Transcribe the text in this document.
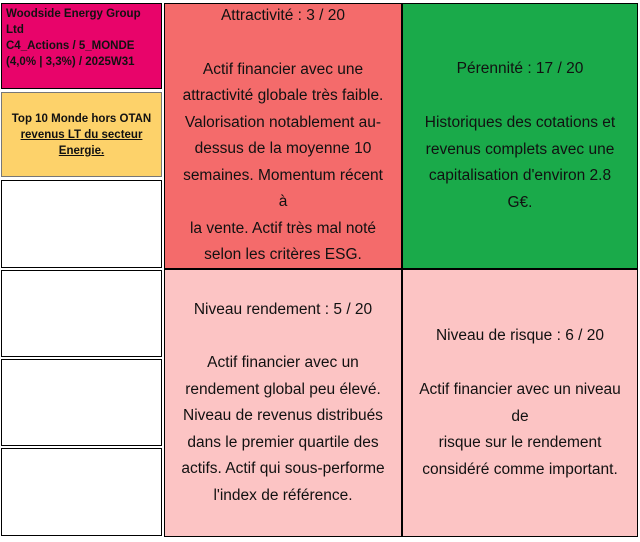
Woodside Energy Group
Ltd
C4_Actions / 5_MONDE
(4,0% | 3,3%) / 2025W31
Top 10 Monde hors OTAN
revenus LT du secteur
Energie.
Attractivité : 3 / 20
Actif financier avec une
attractivité globale très faible.
Valorisation notablement au-
dessus de la moyenne 10
semaines. Momentum récent à
la vente. Actif très mal noté
selon les critères ESG.
Pérennité : 17 / 20
Historiques des cotations et
revenus complets avec une
capitalisation d'environ 2.8 G€.
Niveau rendement : 5 / 20
Actif financier avec un
rendement global peu élevé.
Niveau de revenus distribués
dans le premier quartile des
actifs. Actif qui sous-performe
l'index de référence.
Niveau de risque : 6 / 20
Actif financier avec un niveau de
risque sur le rendement
considéré comme important.
